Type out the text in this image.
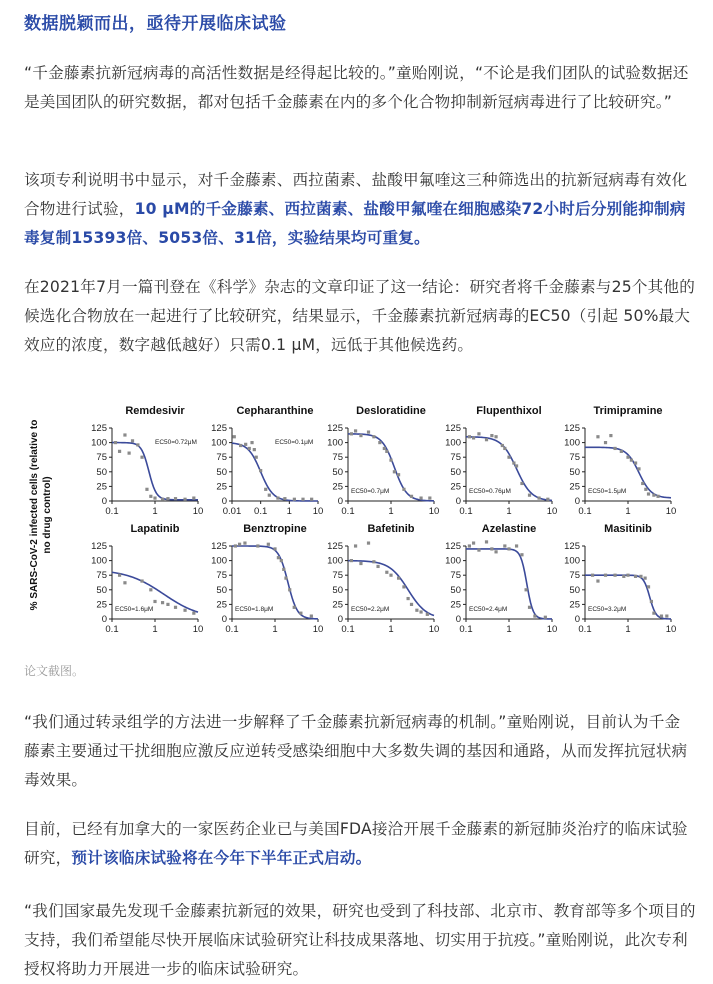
数据脱颖而出，亟待开展临床试验
“千金藤素抗新冠病毒的高活性数据是经得起比较的。”童贻刚说，“不论是我们团队的试验数据还是美国团队的研究数据，都对包括千金藤素在内的多个化合物抑制新冠病毒进行了比较研究。”
该项专利说明书中显示，对千金藤素、西拉菌素、盐酸甲氟喹这三种筛选出的抗新冠病毒有效化合物进行试验，10 μM的千金藤素、西拉菌素、盐酸甲氟喹在细胞感染72小时后分别能抑制病毒复制15393倍、5053倍、31倍，实验结果均可重复。
在2021年7月一篇刊登在《科学》杂志的文章印证了这一结论：研究者将千金藤素与25个其他的候选化合物放在一起进行了比较研究，结果显示，千金藤素抗新冠病毒的EC50（引起 50%最大效应的浓度，数字越低越好）只需0.1 μM，远低于其他候选药。
% SARS-CoV-2 infected cells (relative to no drug control)
Remdesivir
0
25
50
75
100
125
0.1	1	10
EC50=0.72μM
Cepharanthine
0
25
50
75
100
125
0.01 0.1 1 10
EC50=0.1μM
Desloratidine
0
25
50
75
100
125
0.1	1	10
EC50=0.7μM
Flupenthixol
0
25
50
75
100
125
0.1	1	10
EC50=0.76μM
Trimipramine
0
25
50
75
100
125
0.1	1	10
EC50=1.5μM
Lapatinib
0
25
50
75
100
125
0.1	1	10
EC50=1.6μM
Benztropine
0
25
50
75
100
125
0.1	1	10
EC50=1.8μM
Bafetinib
0
25
50
75
100
125
0.1	1	10
EC50=2.2μM
Azelastine
0
25
50
75
100
125
0.1	1	10
EC50=2.4μM
Masitinib
0
25
50
75
100
125
0.1	1	10
EC50=3.2μM
论文截图。
“我们通过转录组学的方法进一步解释了千金藤素抗新冠病毒的机制。”童贻刚说，目前认为千金藤素主要通过干扰细胞应激反应逆转受感染细胞中大多数失调的基因和通路，从而发挥抗冠状病毒效果。
目前，已经有加拿大的一家医药企业已与美国FDA接洽开展千金藤素的新冠肺炎治疗的临床试验研究，预计该临床试验将在今年下半年正式启动。
“我们国家最先发现千金藤素抗新冠的效果，研究也受到了科技部、北京市、教育部等多个项目的支持，我们希望能尽快开展临床试验研究让科技成果落地、切实用于抗疫。”童贻刚说，此次专利授权将助力开展进一步的临床试验研究。
